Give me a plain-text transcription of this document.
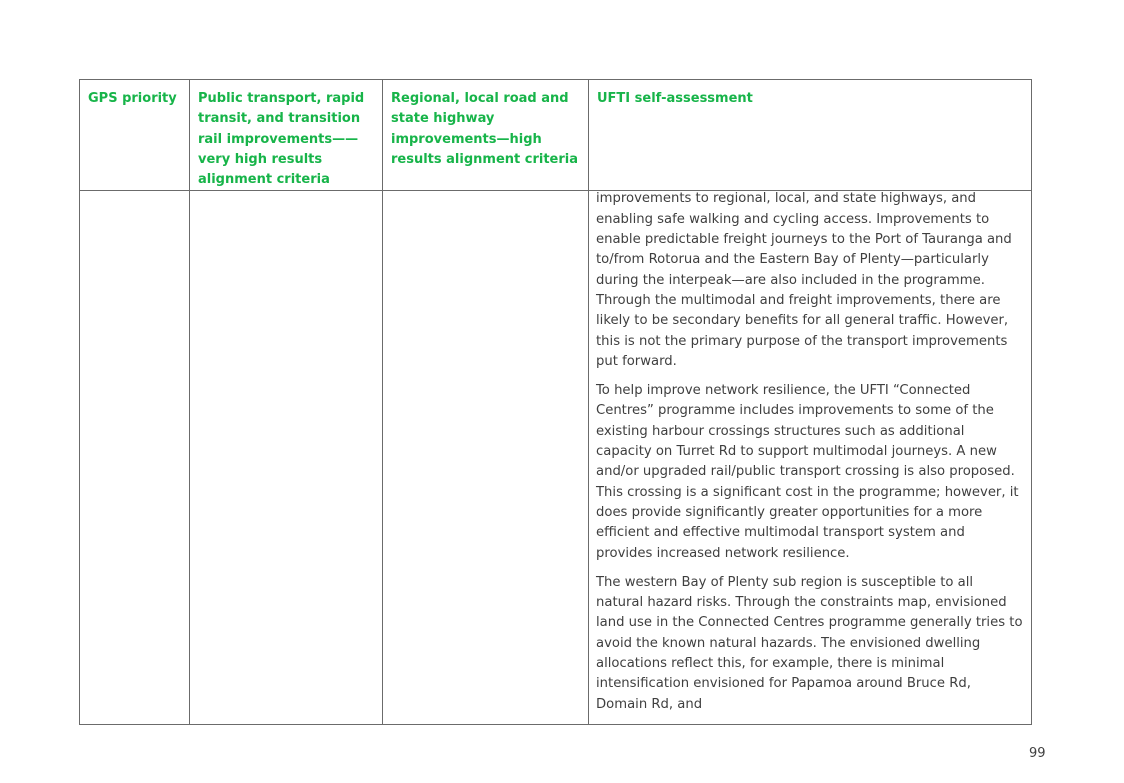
GPS priority	Public transport, rapid transit, and transition rail improvements——very high results alignment criteria	Regional, local road and state highway improvements—high results alignment criteria	UFTI self-assessment

			improvements to regional, local, and state highways, and enabling safe walking and cycling access. Improvements to enable predictable freight journeys to the Port of Tauranga and to/from Rotorua and the Eastern Bay of Plenty—particularly during the interpeak—are also included in the programme. Through the multimodal and freight improvements, there are likely to be secondary benefits for all general traffic. However, this is not the primary purpose of the transport improvements put forward.

To help improve network resilience, the UFTI “Connected Centres” programme includes improvements to some of the existing harbour crossings structures such as additional capacity on Turret Rd to support multimodal journeys. A new and/or upgraded rail/public transport crossing is also proposed. This crossing is a significant cost in the programme; however, it does provide significantly greater opportunities for a more efficient and effective multimodal transport system and provides increased network resilience.

The western Bay of Plenty sub region is susceptible to all natural hazard risks. Through the constraints map, envisioned land use in the Connected Centres programme generally tries to avoid the known natural hazards. The envisioned dwelling allocations reflect this, for example, there is minimal intensification envisioned for Papamoa around Bruce Rd, Domain Rd, and

99
